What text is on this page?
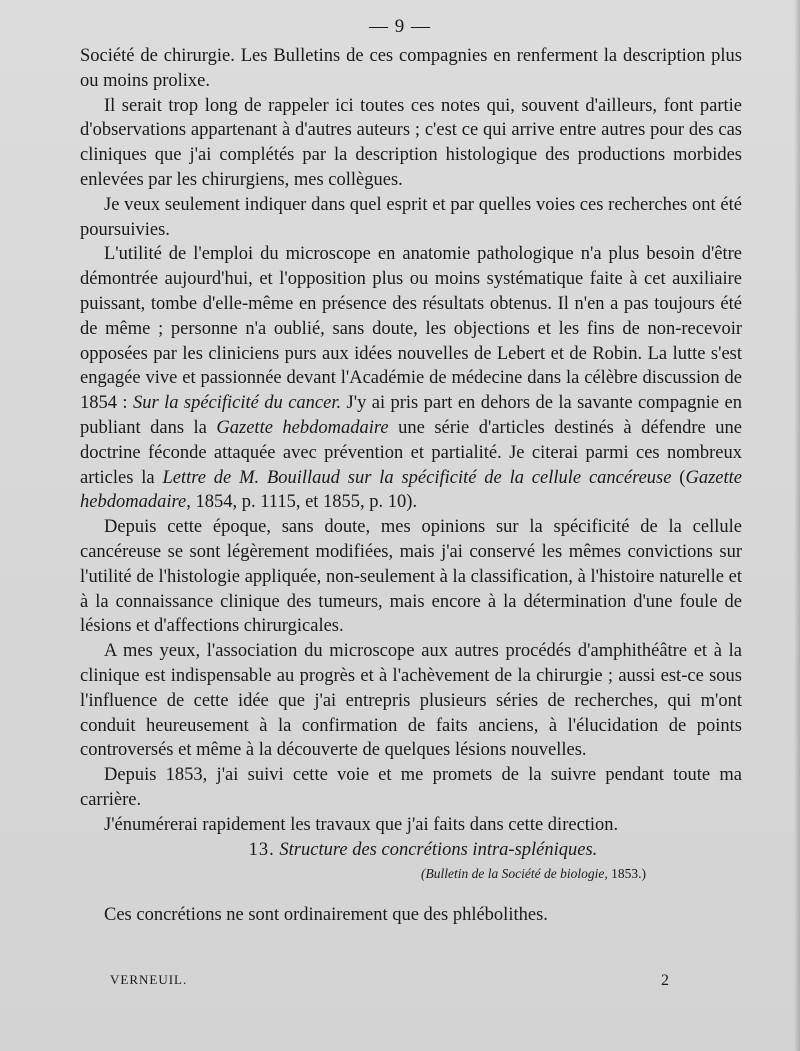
— 9 —

Société de chirurgie. Les Bulletins de ces compagnies en renferment la description plus ou moins prolixe.

Il serait trop long de rappeler ici toutes ces notes qui, souvent d'ailleurs, font partie d'observations appartenant à d'autres auteurs ; c'est ce qui arrive entre autres pour des cas cliniques que j'ai complétés par la description histologique des productions morbides enlevées par les chirurgiens, mes collègues.

Je veux seulement indiquer dans quel esprit et par quelles voies ces recherches ont été poursuivies.

L'utilité de l'emploi du microscope en anatomie pathologique n'a plus besoin d'être démontrée aujourd'hui, et l'opposition plus ou moins systématique faite à cet auxiliaire puissant, tombe d'elle-même en présence des résultats obtenus. Il n'en a pas toujours été de même ; personne n'a oublié, sans doute, les objections et les fins de non-recevoir opposées par les cliniciens purs aux idées nouvelles de Lebert et de Robin. La lutte s'est engagée vive et passionnée devant l'Académie de médecine dans la célèbre discussion de 1854 : Sur la spécificité du cancer. J'y ai pris part en dehors de la savante compagnie en publiant dans la Gazette hebdomadaire une série d'articles destinés à défendre une doctrine féconde attaquée avec prévention et partialité. Je citerai parmi ces nombreux articles la Lettre de M. Bouillaud sur la spécificité de la cellule cancéreuse (Gazette hebdomadaire, 1854, p. 1115, et 1855, p. 10).

Depuis cette époque, sans doute, mes opinions sur la spécificité de la cellule cancéreuse se sont légèrement modifiées, mais j'ai conservé les mêmes convictions sur l'utilité de l'histologie appliquée, non-seulement à la classification, à l'histoire naturelle et à la connaissance clinique des tumeurs, mais encore à la détermination d'une foule de lésions et d'affections chirurgicales.

A mes yeux, l'association du microscope aux autres procédés d'amphithéâtre et à la clinique est indispensable au progrès et à l'achèvement de la chirurgie ; aussi est-ce sous l'influence de cette idée que j'ai entrepris plusieurs séries de recherches, qui m'ont conduit heureusement à la confirmation de faits anciens, à l'élucidation de points controversés et même à la découverte de quelques lésions nouvelles.

Depuis 1853, j'ai suivi cette voie et me promets de la suivre pendant toute ma carrière.

J'énumérerai rapidement les travaux que j'ai faits dans cette direction.

13. Structure des concrétions intra-spléniques.

(Bulletin de la Société de biologie, 1853.)

Ces concrétions ne sont ordinairement que des phlébolithes.

VERNEUIL.	2
